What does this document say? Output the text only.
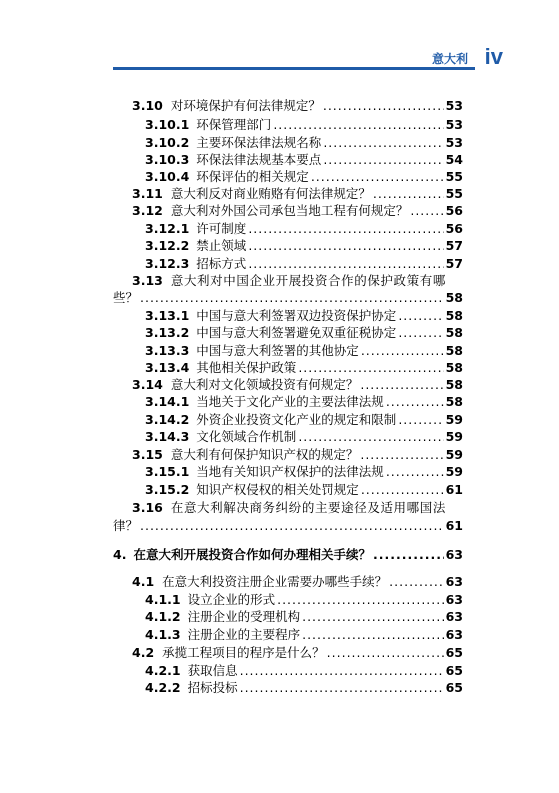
意大利 iv
3.10 对环境保护有何法律规定？ .....	53
3.10.1 环保管理部门 .....	53
3.10.2 主要环保法律法规名称 .....	53
3.10.3 环保法律法规基本要点 .....	54
3.10.4 环保评估的相关规定 .....	55
3.11 意大利反对商业贿赂有何法律规定？ .....	55
3.12 意大利对外国公司承包当地工程有何规定？ .....	56
3.12.1 许可制度 .....	56
3.12.2 禁止领域 .....	57
3.12.3 招标方式 .....	57
3.13 意大利对中国企业开展投资合作的保护政策有哪
些？ .....	58
3.13.1 中国与意大利签署双边投资保护协定 .....	58
3.13.2 中国与意大利签署避免双重征税协定 .....	58
3.13.3 中国与意大利签署的其他协定 .....	58
3.13.4 其他相关保护政策 .....	58
3.14 意大利对文化领域投资有何规定？ .....	58
3.14.1 当地关于文化产业的主要法律法规 .....	58
3.14.2 外资企业投资文化产业的规定和限制 .....	59
3.14.3 文化领域合作机制 .....	59
3.15 意大利有何保护知识产权的规定？ .....	59
3.15.1 当地有关知识产权保护的法律法规 .....	59
3.15.2 知识产权侵权的相关处罚规定 .....	61
3.16 在意大利解决商务纠纷的主要途径及适用哪国法
律？ .....	61
4. 在意大利开展投资合作如何办理相关手续？ .....	63
4.1 在意大利投资注册企业需要办哪些手续？ .....	63
4.1.1 设立企业的形式 .....	63
4.1.2 注册企业的受理机构 .....	63
4.1.3 注册企业的主要程序 .....	63
4.2 承揽工程项目的程序是什么？ .....	65
4.2.1 获取信息 .....	65
4.2.2 招标投标 .....	65
